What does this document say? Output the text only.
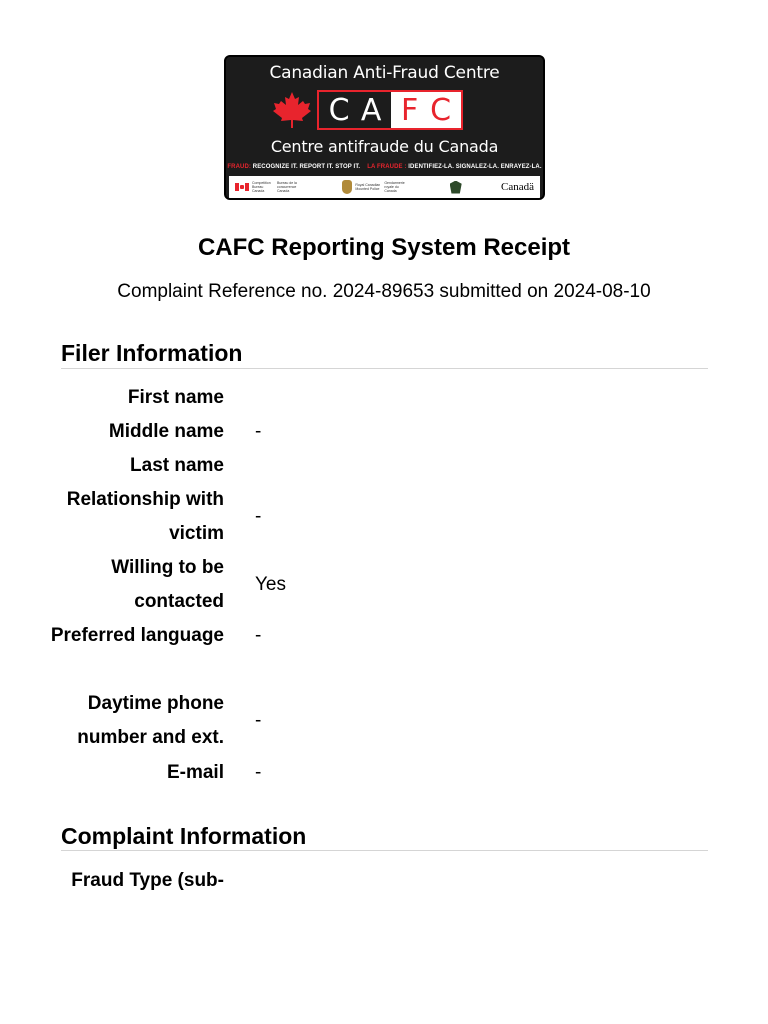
Canadian Anti-Fraud Centre
C A F C
Centre antifraude du Canada
FRAUD: RECOGNIZE IT. REPORT IT. STOP IT. LA FRAUDE : IDENTIFIEZ-LA. SIGNALEZ-LA. ENRAYEZ-LA.
Competition Bureau Canada
Bureau de la concurrence Canada
Royal Canadian Mounted Police
Gendarmerie royale du Canada	Canadä
CAFC Reporting System Receipt
Complaint Reference no. 2024-89653 submitted on 2024-08-10
Filer Information
First name
Middle name -
Last name
Relationship with victim
-
Willing to be contacted
Yes
Preferred language -
Daytime phone number and ext.
-
E-mail -
Complaint Information
Fraud Type (sub-
